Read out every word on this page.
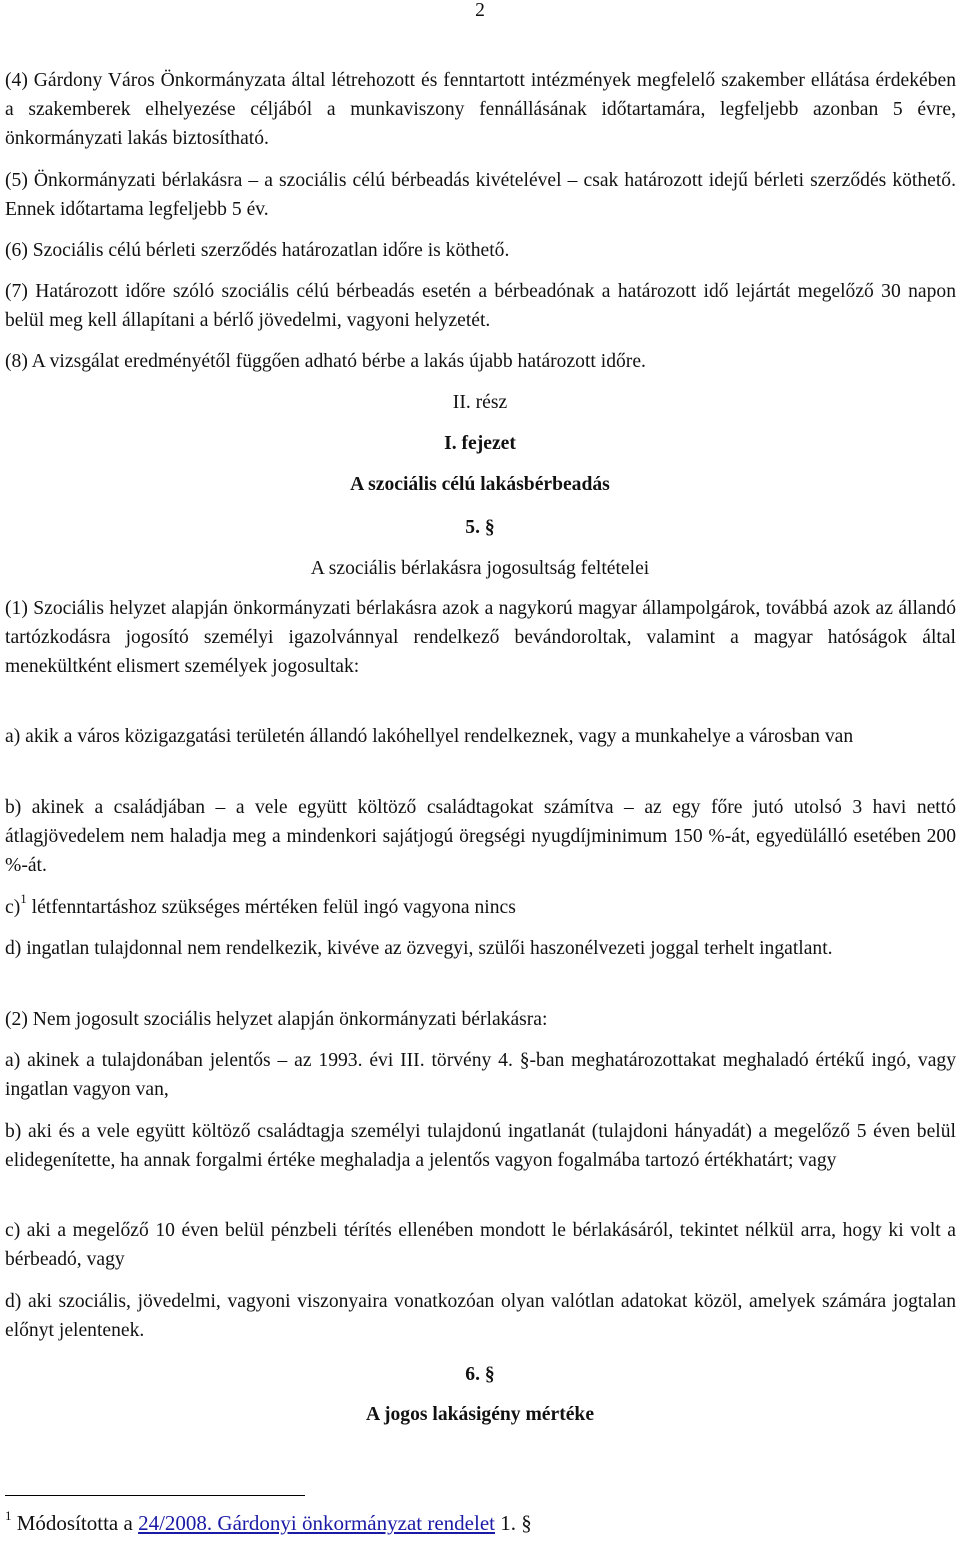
2

(4) Gárdony Város Önkormányzata által létrehozott és fenntartott intézmények megfelelő szakember ellátása érdekében a szakemberek elhelyezése céljából a munkaviszony fennállásának időtartamára, legfeljebb azonban 5 évre, önkormányzati lakás biztosítható.

(5) Önkormányzati bérlakásra – a szociális célú bérbeadás kivételével – csak határozott idejű bérleti szerződés köthető. Ennek időtartama legfeljebb 5 év.

(6) Szociális célú bérleti szerződés határozatlan időre is köthető.

(7) Határozott időre szóló szociális célú bérbeadás esetén a bérbeadónak a határozott idő lejártát megelőző 30 napon belül meg kell állapítani a bérlő jövedelmi, vagyoni helyzetét.

(8) A vizsgálat eredményétől függően adható bérbe a lakás újabb határozott időre.

II. rész

I. fejezet

A szociális célú lakásbérbeadás

5. §

A szociális bérlakásra jogosultság feltételei

(1) Szociális helyzet alapján önkormányzati bérlakásra azok a nagykorú magyar állampolgárok, továbbá azok az állandó tartózkodásra jogosító személyi igazolvánnyal rendelkező bevándoroltak, valamint a magyar hatóságok által menekültként elismert személyek jogosultak:

a) akik a város közigazgatási területén állandó lakóhellyel rendelkeznek, vagy a munkahelye a városban van

b) akinek a családjában – a vele együtt költöző családtagokat számítva – az egy főre jutó utolsó 3 havi nettó átlagjövedelem nem haladja meg a mindenkori sajátjogú öregségi nyugdíjminimum 150 %-át, egyedülálló esetében 200 %-át.

c)$^1$ létfenntartáshoz szükséges mértéken felül ingó vagyona nincs

d) ingatlan tulajdonnal nem rendelkezik, kivéve az özvegyi, szülői haszonélvezeti joggal terhelt ingatlant.

(2) Nem jogosult szociális helyzet alapján önkormányzati bérlakásra:

a) akinek a tulajdonában jelentős – az 1993. évi III. törvény 4. §-ban meghatározottakat meghaladó értékű ingó, vagy ingatlan vagyon van,

b) aki és a vele együtt költöző családtagja személyi tulajdonú ingatlanát (tulajdoni hányadát) a megelőző 5 éven belül elidegenítette, ha annak forgalmi értéke meghaladja a jelentős vagyon fogalmába tartozó értékhatárt; vagy

c) aki a megelőző 10 éven belül pénzbeli térítés ellenében mondott le bérlakásáról, tekintet nélkül arra, hogy ki volt a bérbeadó, vagy

d) aki szociális, jövedelmi, vagyoni viszonyaira vonatkozóan olyan valótlan adatokat közöl, amelyek számára jogtalan előnyt jelentenek.

6. §

A jogos lakásigény mértéke

$^1$ Módosította a 24/2008. Gárdonyi önkormányzat rendelet 1. §
